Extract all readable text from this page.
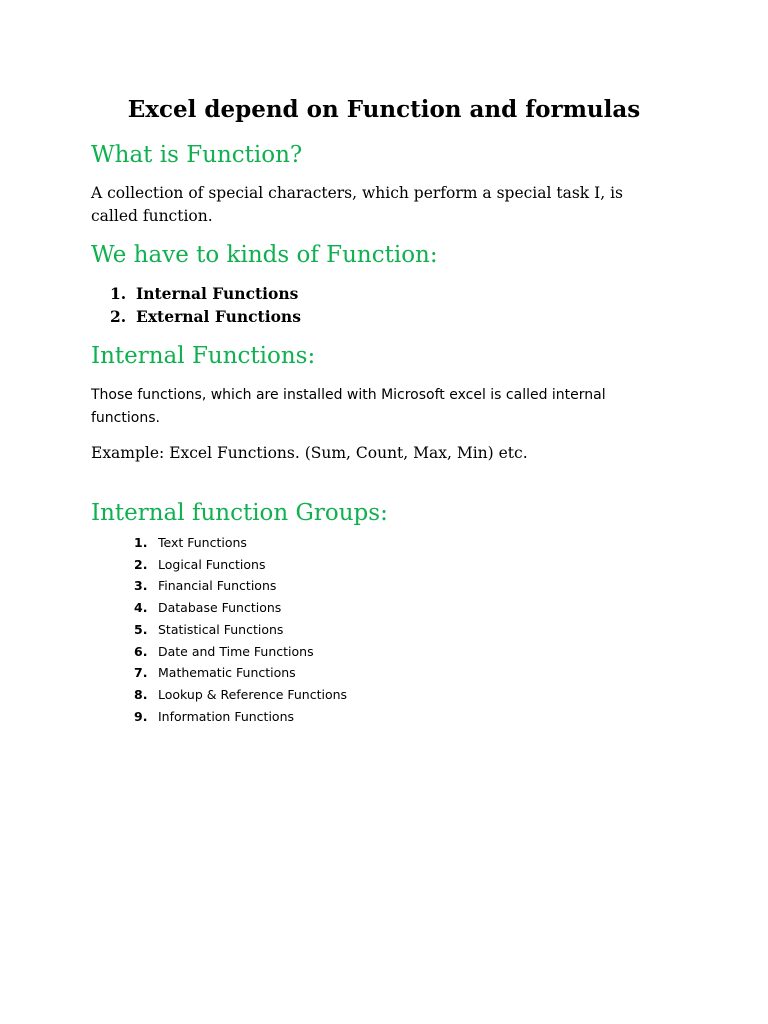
Excel depend on Function and formulas
What is Function?
A collection of special characters, which perform a special task I, is called function.
We have to kinds of Function:
1. Internal Functions
2. External Functions
Internal Functions:
Those functions, which are installed with Microsoft excel is called internal functions.
Example: Excel Functions. (Sum, Count, Max, Min) etc.
Internal function Groups:
1. Text Functions
2. Logical Functions
3. Financial Functions
4. Database Functions
5. Statistical Functions
6. Date and Time Functions
7. Mathematic Functions
8. Lookup & Reference Functions
9. Information Functions
